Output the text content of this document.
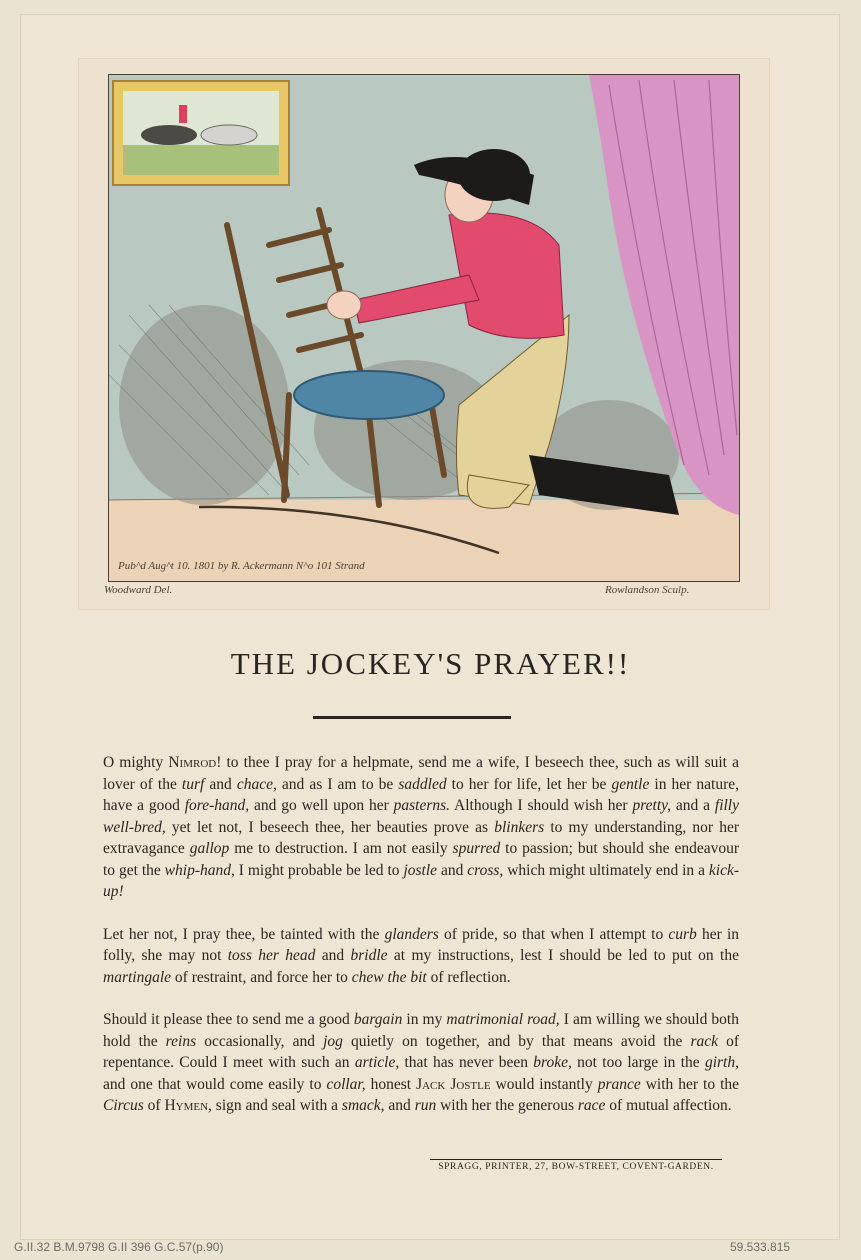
Pub^d Aug^t 10. 1801 by R. Ackermann N^o 101 Strand
Woodward Del.	Rowlandson Sculp.
THE JOCKEY'S PRAYER!!

O mighty Nimrod! to thee I pray for a helpmate, send me a wife, I beseech thee, such as will suit a lover of the turf and chace, and as I am to be saddled to her for life, let her be gentle in her nature, have a good fore-hand, and go well upon her pasterns. Although I should wish her pretty, and a filly well-bred, yet let not, I beseech thee, her beauties prove as blinkers to my understanding, nor her extravagance gallop me to destruction. I am not easily spurred to passion; but should she endeavour to get the whip-hand, I might probable be led to jostle and cross, which might ultimately end in a kick-up!

Let her not, I pray thee, be tainted with the glanders of pride, so that when I attempt to curb her in folly, she may not toss her head and bridle at my instructions, lest I should be led to put on the martingale of restraint, and force her to chew the bit of reflection.

Should it please thee to send me a good bargain in my matrimonial road, I am willing we should both hold the reins occasionally, and jog quietly on together, and by that means avoid the rack of repentance. Could I meet with such an article, that has never been broke, not too large in the girth, and one that would come easily to collar, honest Jack Jostle would instantly prance with her to the Circus of Hymen, sign and seal with a smack, and run with her the generous race of mutual affection.

SPRAGG, PRINTER, 27, BOW-STREET, COVENT-GARDEN.
G.II.32 B.M.9798 G.II 396 G.C.57(p.90)	59.533.815
